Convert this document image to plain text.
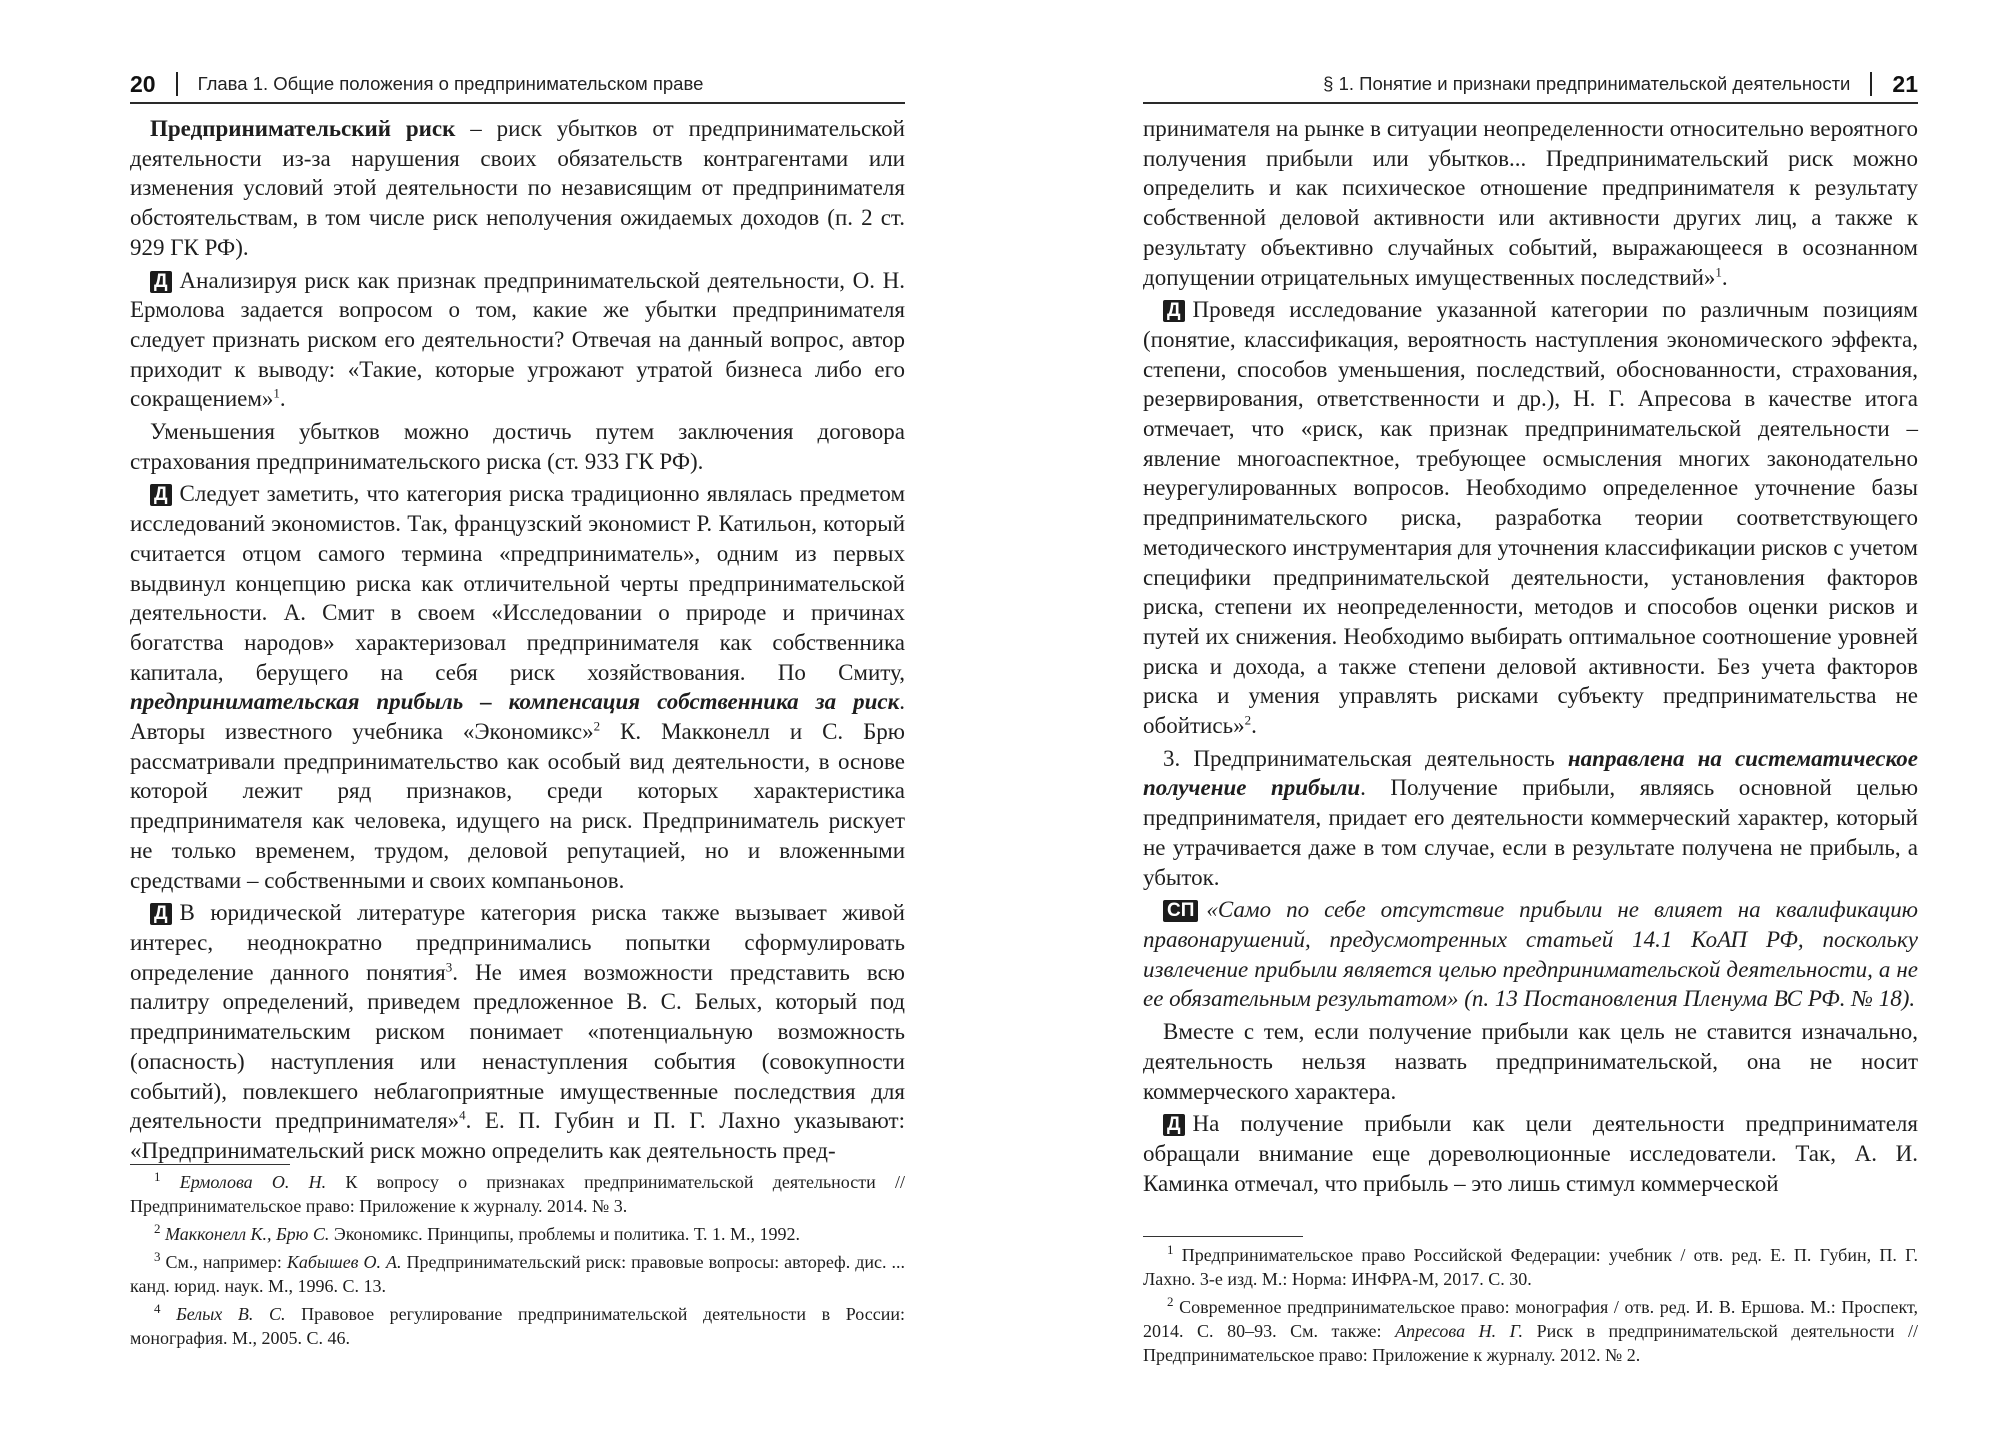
20 Глава 1. Общие положения о предпринимательском праве

Предпринимательский риск – риск убытков от предпринимательской деятельности из-за нарушения своих обязательств контрагентами или изменения условий этой деятельности по независящим от предпринимателя обстоятельствам, в том числе риск неполучения ожидаемых доходов (п. 2 ст. 929 ГК РФ).

Д Анализируя риск как признак предпринимательской деятельности, О. Н. Ермолова задается вопросом о том, какие же убытки предпринимателя следует признать риском его деятельности? Отвечая на данный вопрос, автор приходит к выводу: «Такие, которые угрожают утратой бизнеса либо его сокращением»$^1$.

Уменьшения убытков можно достичь путем заключения договора страхования предпринимательского риска (ст. 933 ГК РФ).

Д Следует заметить, что категория риска традиционно являлась предметом исследований экономистов. Так, французский экономист Р. Катильон, который считается отцом самого термина «предприниматель», одним из первых выдвинул концепцию риска как отличительной черты предпринимательской деятельности. А. Смит в своем «Исследовании о природе и причинах богатства народов» характеризовал предпринимателя как собственника капитала, берущего на себя риск хозяйствования. По Смиту, предпринимательская прибыль – компенсация собственника за риск. Авторы известного учебника «Экономикс»$^2$ К. Макконелл и С. Брю рассматривали предпринимательство как особый вид деятельности, в основе которой лежит ряд признаков, среди которых характеристика предпринимателя как человека, идущего на риск. Предприниматель рискует не только временем, трудом, деловой репутацией, но и вложенными средствами – собственными и своих компаньонов.

Д В юридической литературе категория риска также вызывает живой интерес, неоднократно предпринимались попытки сформулировать определение данного понятия$^3$. Не имея возможности представить всю палитру определений, приведем предложенное В. С. Белых, который под предпринимательским риском понимает «потенциальную возможность (опасность) наступления или ненаступления события (совокупности событий), повлекшего неблагоприятные имущественные последствия для деятельности предпринимателя»$^4$. Е. П. Губин и П. Г. Лахно указывают: «Предпринимательский риск можно определить как деятельность пред-

$^1$ Ермолова О. Н. К вопросу о признаках предпринимательской деятельности // Предпринимательское право: Приложение к журналу. 2014. № 3.

$^2$ Макконелл К., Брю С. Экономикс. Принципы, проблемы и политика. Т. 1. М., 1992.

$^3$ См., например: Кабышев О. А. Предпринимательский риск: правовые вопросы: автореф. дис. ... канд. юрид. наук. М., 1996. С. 13.

$^4$ Белых В. С. Правовое регулирование предпринимательской деятельности в России: монография. М., 2005. С. 46.

§ 1. Понятие и признаки предпринимательской деятельности 21

принимателя на рынке в ситуации неопределенности относительно вероятного получения прибыли или убытков... Предпринимательский риск можно определить и как психическое отношение предпринимателя к результату собственной деловой активности или активности других лиц, а также к результату объективно случайных событий, выражающееся в осознанном допущении отрицательных имущественных последствий»$^1$.

Д Проведя исследование указанной категории по различным позициям (понятие, классификация, вероятность наступления экономического эффекта, степени, способов уменьшения, последствий, обоснованности, страхования, резервирования, ответственности и др.), Н. Г. Апресова в качестве итога отмечает, что «риск, как признак предпринимательской деятельности – явление многоаспектное, требующее осмысления многих законодательно неурегулированных вопросов. Необходимо определенное уточнение базы предпринимательского риска, разработка теории соответствующего методического инструментария для уточнения классификации рисков с учетом специфики предпринимательской деятельности, установления факторов риска, степени их неопределенности, методов и способов оценки рисков и путей их снижения. Необходимо выбирать оптимальное соотношение уровней риска и дохода, а также степени деловой активности. Без учета факторов риска и умения управлять рисками субъекту предпринимательства не обойтись»$^2$.

3. Предпринимательская деятельность направлена на систематическое получение прибыли. Получение прибыли, являясь основной целью предпринимателя, придает его деятельности коммерческий характер, который не утрачивается даже в том случае, если в результате получена не прибыль, а убыток.

СП «Само по себе отсутствие прибыли не влияет на квалификацию правонарушений, предусмотренных статьей 14.1 КоАП РФ, поскольку извлечение прибыли является целью предпринимательской деятельности, а не ее обязательным результатом» (п. 13 Постановления Пленума ВС РФ. № 18).

Вместе с тем, если получение прибыли как цель не ставится изначально, деятельность нельзя назвать предпринимательской, она не носит коммерческого характера.

Д На получение прибыли как цели деятельности предпринимателя обращали внимание еще дореволюционные исследователи. Так, А. И. Каминка отмечал, что прибыль – это лишь стимул коммерческой

$^1$ Предпринимательское право Российской Федерации: учебник / отв. ред. Е. П. Губин, П. Г. Лахно. 3-е изд. М.: Норма: ИНФРА-М, 2017. С. 30.

$^2$ Современное предпринимательское право: монография / отв. ред. И. В. Ершова. М.: Проспект, 2014. С. 80–93. См. также: Апресова Н. Г. Риск в предпринимательской деятельности // Предпринимательское право: Приложение к журналу. 2012. № 2.
